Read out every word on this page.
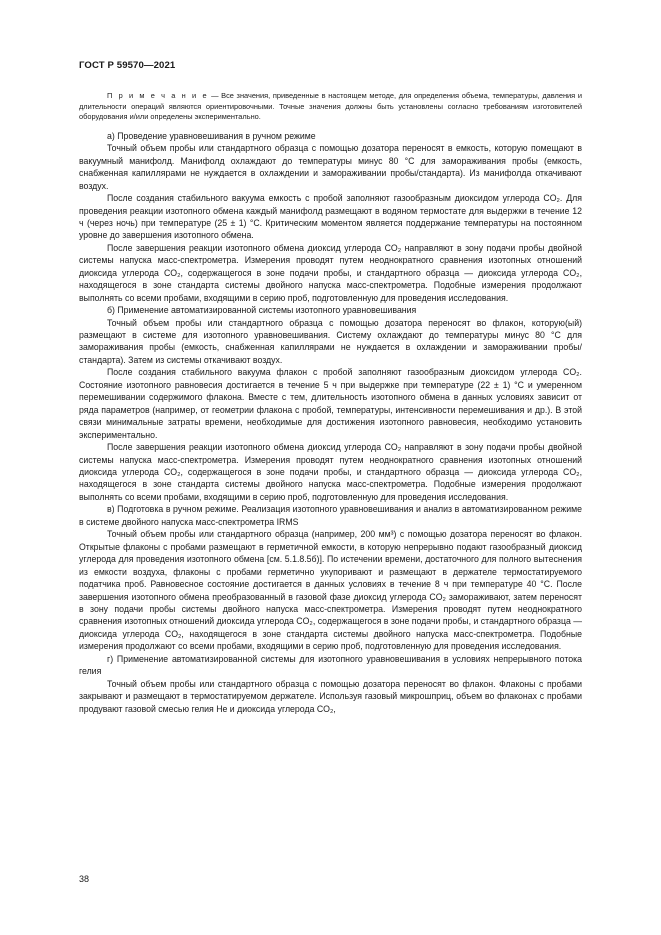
ГОСТ Р 59570—2021

П р и м е ч а н и е — Все значения, приведенные в настоящем методе, для определения объема, температуры, давления и длительности операций являются ориентировочными. Точные значения должны быть установлены согласно требованиям изготовителей оборудования и/или определены экспериментально.

а) Проведение уравновешивания в ручном режиме

Точный объем пробы или стандартного образца с помощью дозатора переносят в емкость, которую помещают в вакуумный манифолд. Манифолд охлаждают до температуры минус 80 °С для замораживания пробы (емкость, снабженная капиллярами не нуждается в охлаждении и замораживании пробы/стандарта). Из манифолда откачивают воздух.

После создания стабильного вакуума емкость с пробой заполняют газообразным диоксидом углерода CO₂. Для проведения реакции изотопного обмена каждый манифолд размещают в водяном термостате для выдержки в течение 12 ч (через ночь) при температуре (25 ± 1) °С. Критическим моментом является поддержание температуры на постоянном уровне до завершения изотопного обмена.

После завершения реакции изотопного обмена диоксид углерода CO₂ направляют в зону подачи пробы двойной системы напуска масс-спектрометра. Измерения проводят путем неоднократного сравнения изотопных отношений диоксида углерода CO₂, содержащегося в зоне подачи пробы, и стандартного образца — диоксида углерода CO₂, находящегося в зоне стандарта системы двойного напуска масс-спектрометра. Подобные измерения продолжают выполнять со всеми пробами, входящими в серию проб, подготовленную для проведения исследования.

б) Применение автоматизированной системы изотопного уравновешивания

Точный объем пробы или стандартного образца с помощью дозатора переносят во флакон, которую(ый) размещают в системе для изотопного уравновешивания. Систему охлаждают до температуры минус 80 °С для замораживания пробы (емкость, снабженная капиллярами не нуждается в охлаждении и замораживании пробы/стандарта). Затем из системы откачивают воздух.

После создания стабильного вакуума флакон с пробой заполняют газообразным диоксидом углерода CO₂. Состояние изотопного равновесия достигается в течение 5 ч при выдержке при температуре (22 ± 1) °С и умеренном перемешивании содержимого флакона. Вместе с тем, длительность изотопного обмена в данных условиях зависит от ряда параметров (например, от геометрии флакона с пробой, температуры, интенсивности перемешивания и др.). В этой связи минимальные затраты времени, необходимые для достижения изотопного равновесия, необходимо установить экспериментально.

После завершения реакции изотопного обмена диоксид углерода CO₂ направляют в зону подачи пробы двойной системы напуска масс-спектрометра. Измерения проводят путем неоднократного сравнения изотопных отношений диоксида углерода CO₂, содержащегося в зоне подачи пробы, и стандартного образца — диоксида углерода CO₂, находящегося в зоне стандарта системы двойного напуска масс-спектрометра. Подобные измерения продолжают выполнять со всеми пробами, входящими в серию проб, подготовленную для проведения исследования.

в) Подготовка в ручном режиме. Реализация изотопного уравновешивания и анализ в автоматизированном режиме в системе двойного напуска масс-спектрометра IRMS

Точный объем пробы или стандартного образца (например, 200 мм³) с помощью дозатора переносят во флакон. Открытые флаконы с пробами размещают в герметичной емкости, в которую непрерывно подают газообразный диоксид углерода для проведения изотопного обмена [см. 5.1.8.5б)]. По истечении времени, достаточного для полного вытеснения из емкости воздуха, флаконы с пробами герметично укупоривают и размещают в держателе термостатируемого податчика проб. Равновесное состояние достигается в данных условиях в течение 8 ч при температуре 40 °С. После завершения изотопного обмена преобразованный в газовой фазе диоксид углерода CO₂ замораживают, затем переносят в зону подачи пробы системы двойного напуска масс-спектрометра. Измерения проводят путем неоднократного сравнения изотопных отношений диоксида углерода CO₂, содержащегося в зоне подачи пробы, и стандартного образца — диоксида углерода CO₂, находящегося в зоне стандарта системы двойного напуска масс-спектрометра. Подобные измерения продолжают со всеми пробами, входящими в серию проб, подготовленную для проведения исследования.

г) Применение автоматизированной системы для изотопного уравновешивания в условиях непрерывного потока гелия

Точный объем пробы или стандартного образца с помощью дозатора переносят во флакон. Флаконы с пробами закрывают и размещают в термостатируемом держателе. Используя газовый микрошприц, объем во флаконах с пробами продувают газовой смесью гелия He и диоксида углерода CO₂,

38
